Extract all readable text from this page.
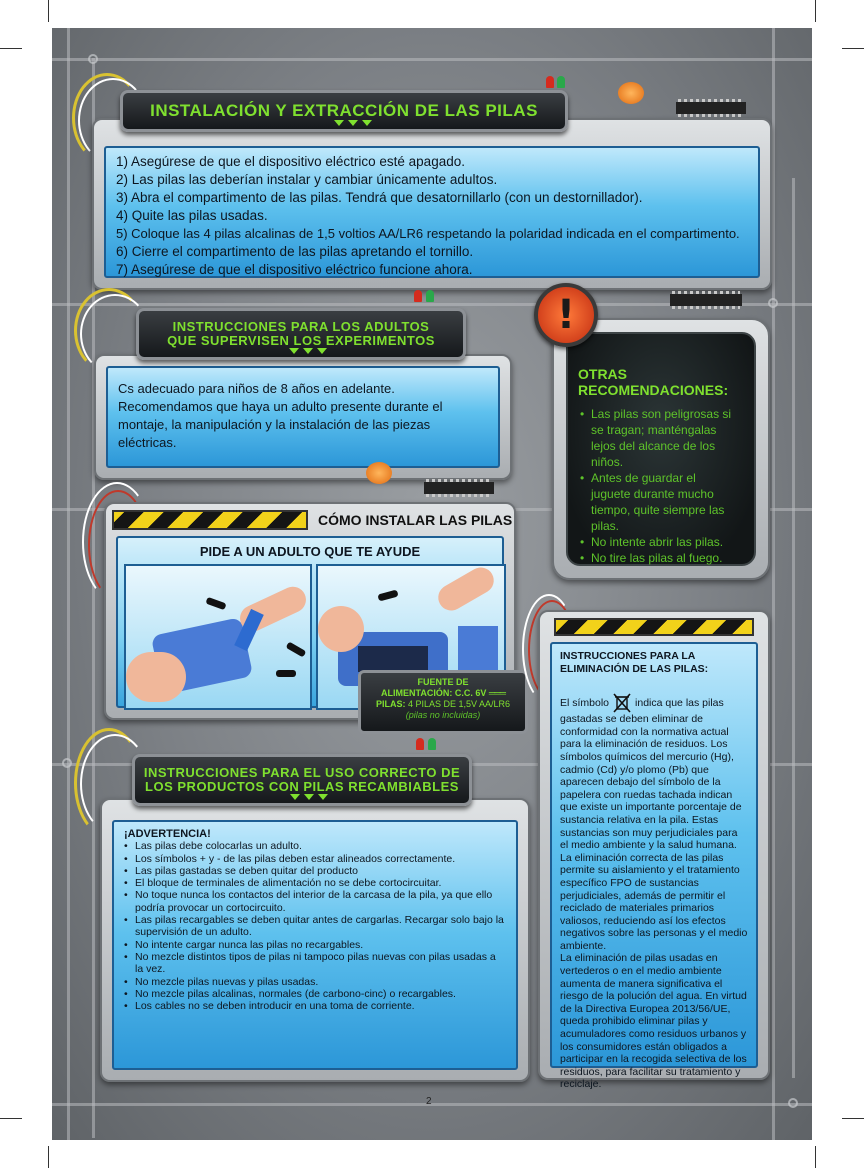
1) Asegúrese de que el dispositivo eléctrico esté apagado.
2) Las pilas las deberían instalar y cambiar únicamente adultos.
3) Abra el compartimento de las pilas. Tendrá que desatornillarlo (con un destornillador).
4) Quite las pilas usadas.
5) Coloque las 4 pilas alcalinas de 1,5 voltios AA/LR6 respetando la polaridad indicada en el compartimento.
6) Cierre el compartimento de las pilas apretando el tornillo.
7) Asegúrese de que el dispositivo eléctrico funcione ahora.
INSTALACIÓN Y EXTRACCIÓN DE LAS PILAS
Cs adecuado para niños de 8 años en adelante. Recomendamos que haya un adulto presente durante el montaje, la manipulación y la instalación de las piezas eléctricas.
INSTRUCCIONES PARA LOS ADULTOS
QUE SUPERVISEN LOS EXPERIMENTOS
OTRAS
RECOMENDACIONES:
• Las pilas son peligrosas si se tragan; manténgalas lejos del alcance de los niños.
• Antes de guardar el juguete durante mucho tiempo, quite siempre las pilas.
• No intente abrir las pilas.
• No tire las pilas al fuego.
!
CÓMO INSTALAR LAS PILAS
PIDE A UN ADULTO QUE TE AYUDE
FUENTE DE
ALIMENTACIÓN: C.C. 6V ═══
PILAS: 4 PILAS DE 1,5V AA/LR6
(pilas no incluidas)
INSTRUCCIONES PARA LA ELIMINACIÓN DE LAS PILAS:
El símbolo indica que las pilas
gastadas se deben eliminar de conformidad con la normativa actual para la eliminación de residuos. Los símbolos químicos del mercurio (Hg), cadmio (Cd) y/o plomo (Pb) que aparecen debajo del símbolo de la papelera con ruedas tachada indican que existe un importante porcentaje de sustancia relativa en la pila. Estas sustancias son muy perjudiciales para el medio ambiente y la salud humana. La eliminación correcta de las pilas permite su aislamiento y el tratamiento específico FPO de sustancias perjudiciales, además de permitir el reciclado de materiales primarios valiosos, reduciendo así los efectos negativos sobre las personas y el medio ambiente.
La eliminación de pilas usadas en vertederos o en el medio ambiente aumenta de manera significativa el riesgo de la polución del agua. En virtud de la Directiva Europea 2013/56/UE, queda prohibido eliminar pilas y acumuladores como residuos urbanos y los consumidores están obligados a participar en la recogida selectiva de los residuos, para facilitar su tratamiento y reciclaje.
¡ADVERTENCIA!
• Las pilas debe colocarlas un adulto.
• Los símbolos + y - de las pilas deben estar alineados correctamente.
• Las pilas gastadas se deben quitar del producto
• El bloque de terminales de alimentación no se debe cortocircuitar.
• No toque nunca los contactos del interior de la carcasa de la pila, ya que ello podría provocar un cortocircuito.
• Las pilas recargables se deben quitar antes de cargarlas. Recargar solo bajo la supervisión de un adulto.
• No intente cargar nunca las pilas no recargables.
• No mezcle distintos tipos de pilas ni tampoco pilas nuevas con pilas usadas a la vez.
• No mezcle pilas nuevas y pilas usadas.
• No mezcle pilas alcalinas, normales (de carbono-cinc) o recargables.
• Los cables no se deben introducir en una toma de corriente.
INSTRUCCIONES PARA EL USO CORRECTO DE
LOS PRODUCTOS CON PILAS RECAMBIABLES
2
